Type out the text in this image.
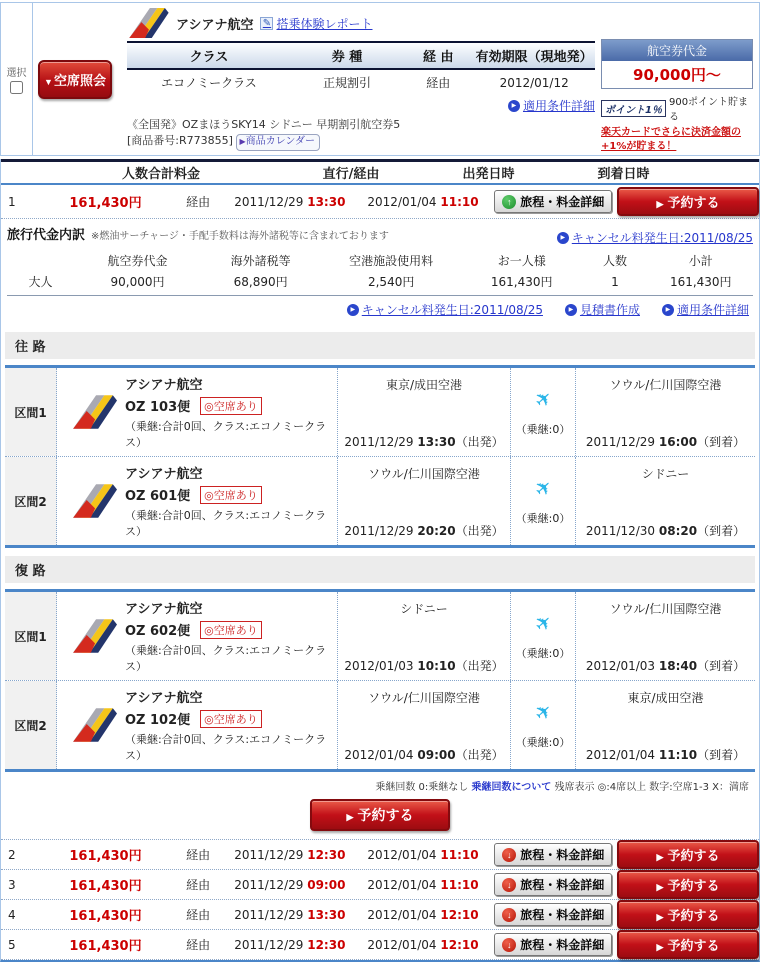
選択
▼空席照会
アシアナ航空 ✎ 搭乗体験レポート
クラス	券 種	経 由	有効期限（現地発）
エコノミークラス	正規割引	経由	2012/01/12
▶ 適用条件詳細
《全国発》OZまほうSKY14 シドニー 早期割引航空券5
[商品番号:R773855] ▶商品カレンダー
航空券代金
90,000円〜
ポイント1％
900ポイント貯まる
楽天カードでさらに決済金額の+1%が貯まる！
人数合計料金	直行/経由	出発日時	到着日時
1	161,430円	経由	2011/12/29 13:30	2012/01/04 11:10	↑ 旅程・料金詳細	▶ 予約する
旅行代金内訳 ※燃油サーチャージ・手配手数料は海外諸税等に含まれております	▶ キャンセル料発生日:2011/08/25
	航空券代金	海外諸税等	空港施設使用料	お一人様	人数	小計
大人	90,000円	68,890円	2,540円	161,430円	1	161,430円
▶ キャンセル料発生日:2011/08/25	▶ 見積書作成	▶ 適用条件詳細
往 路
区間1
アシアナ航空
OZ 103便	◎空席あり
（乗継:合計0回、クラス:エコノミークラス）
東京/成田空港
2011/12/29 13:30（出発）
✈
（乗継:0）
ソウル/仁川国際空港
2011/12/29 16:00（到着）
区間2
アシアナ航空
OZ 601便	◎空席あり
（乗継:合計0回、クラス:エコノミークラス）
ソウル/仁川国際空港
2011/12/29 20:20（出発）
✈
（乗継:0）
シドニー
2011/12/30 08:20（到着）
復 路
区間1
アシアナ航空
OZ 602便	◎空席あり
（乗継:合計0回、クラス:エコノミークラス）
シドニー
2012/01/03 10:10（出発）
✈
（乗継:0）
ソウル/仁川国際空港
2012/01/03 18:40（到着）
区間2
アシアナ航空
OZ 102便	◎空席あり
（乗継:合計0回、クラス:エコノミークラス）
ソウル/仁川国際空港
2012/01/04 09:00（出発）
✈
（乗継:0）
東京/成田空港
2012/01/04 11:10（到着）
乗継回数 0:乗継なし 乗継回数について 残席表示 ◎:4席以上 数字:空席1-3 X：満席
▶ 予約する
2	161,430円	経由	2011/12/29 12:30	2012/01/04 11:10	↓ 旅程・料金詳細	▶ 予約する
3	161,430円	経由	2011/12/29 09:00	2012/01/04 11:10	↓ 旅程・料金詳細	▶ 予約する
4	161,430円	経由	2011/12/29 13:30	2012/01/04 12:10	↓ 旅程・料金詳細	▶ 予約する
5	161,430円	経由	2011/12/29 12:30	2012/01/04 12:10	↓ 旅程・料金詳細	▶ 予約する
